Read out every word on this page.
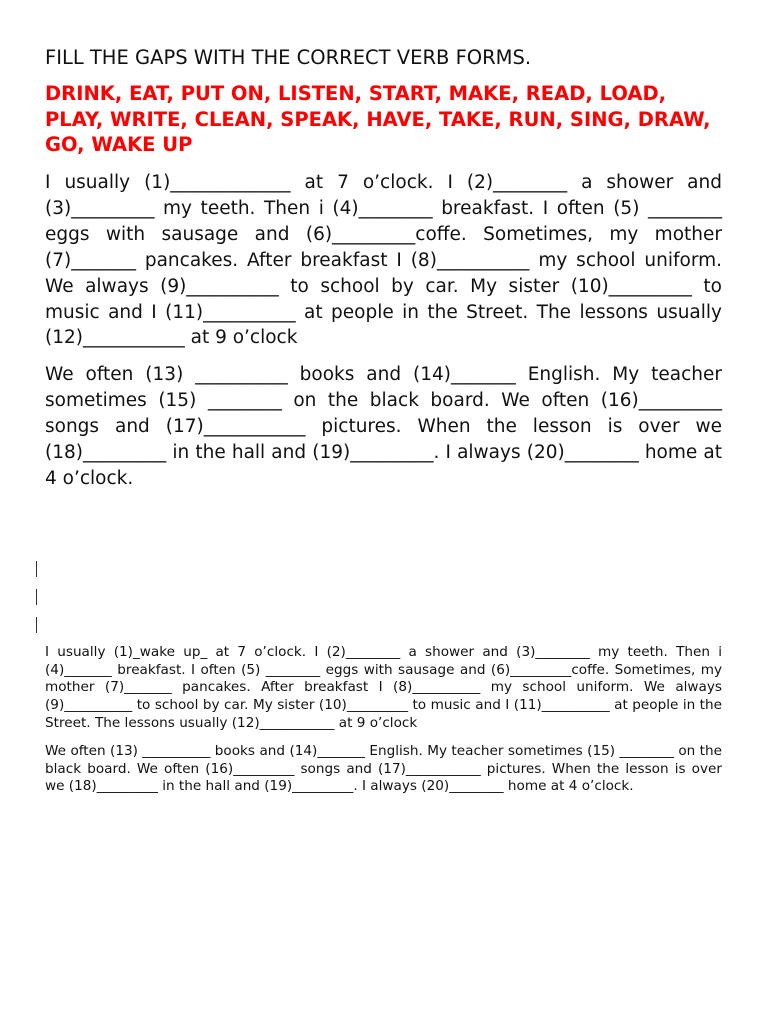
FILL THE GAPS WITH THE CORRECT VERB FORMS.
DRINK, EAT, PUT ON, LISTEN, START, MAKE, READ, LOAD, PLAY, WRITE, CLEAN, SPEAK, HAVE, TAKE, RUN, SING, DRAW, GO, WAKE UP

I usually (1)_____________ at 7 o’clock. I (2)________ a shower and (3)_________ my teeth. Then i (4)________ breakfast. I often (5) ________ eggs with sausage and (6)_________coffe. Sometimes, my mother (7)_______ pancakes. After breakfast I (8)__________ my school uniform. We always (9)__________ to school by car. My sister (10)_________ to music and I (11)__________ at people in the Street. The lessons usually (12)___________ at 9 o’clock

We often (13) __________ books and (14)_______ English. My teacher sometimes (15) ________ on the black board. We often (16)_________ songs and (17)___________ pictures. When the lesson is over we (18)_________ in the hall and (19)_________. I always (20)________ home at 4 o’clock.

I usually (1)_wake up_ at 7 o’clock. I (2)________ a shower and (3)________ my teeth. Then i (4)_______ breakfast. I often (5) ________ eggs with sausage and (6)_________coffe. Sometimes, my mother (7)_______ pancakes. After breakfast I (8)__________ my school uniform. We always (9)__________ to school by car. My sister (10)_________ to music and I (11)__________ at people in the Street. The lessons usually (12)___________ at 9 o’clock

We often (13) __________ books and (14)_______ English. My teacher sometimes (15) ________ on the black board. We often (16)_________ songs and (17)___________ pictures. When the lesson is over we (18)_________ in the hall and (19)_________. I always (20)________ home at 4 o’clock.
